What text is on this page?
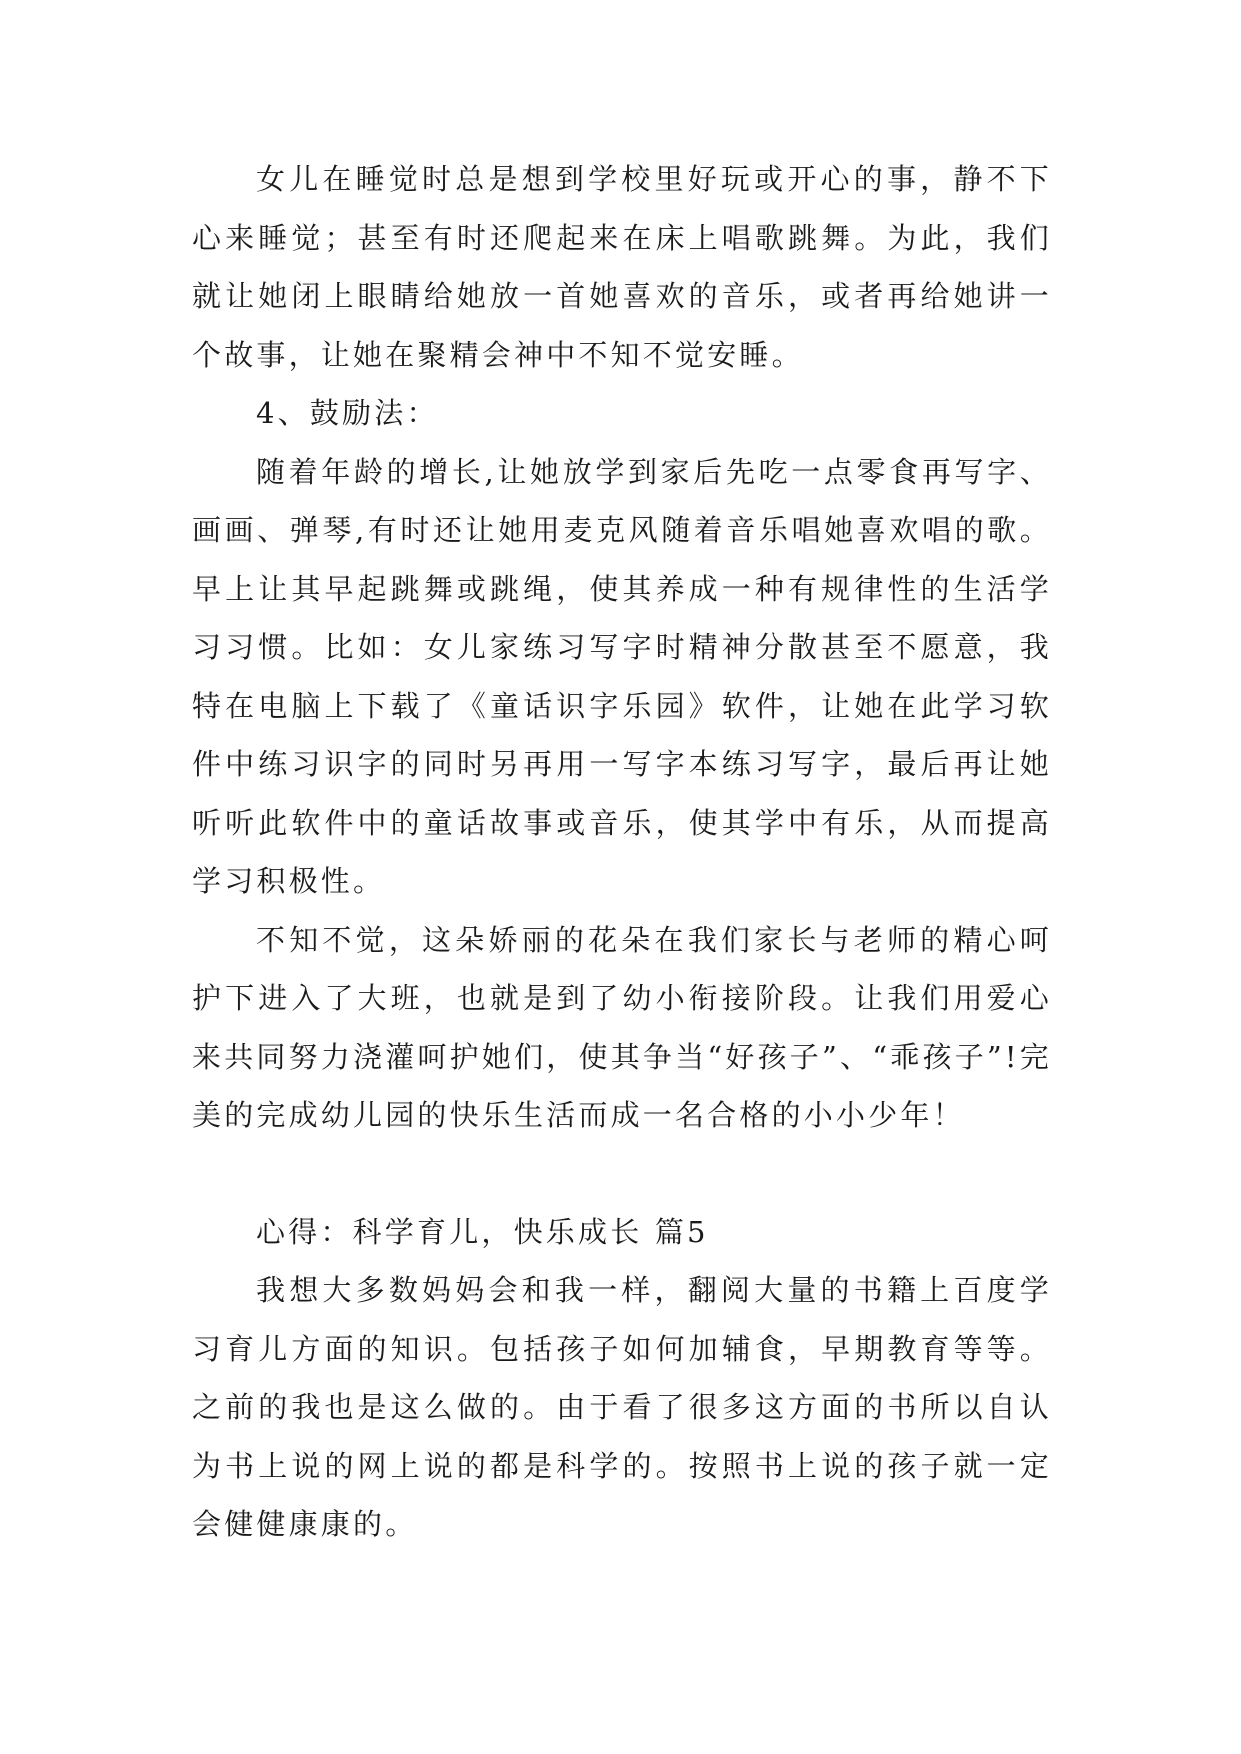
女儿在睡觉时总是想到学校里好玩或开心的事，静不下心来睡觉；甚至有时还爬起来在床上唱歌跳舞。为此，我们就让她闭上眼睛给她放一首她喜欢的音乐，或者再给她讲一个故事，让她在聚精会神中不知不觉安睡。

4、鼓励法：

随着年龄的增长,让她放学到家后先吃一点零食再写字、画画、弹琴,有时还让她用麦克风随着音乐唱她喜欢唱的歌。早上让其早起跳舞或跳绳，使其养成一种有规律性的生活学习习惯。比如：女儿家练习写字时精神分散甚至不愿意，我特在电脑上下载了《童话识字乐园》软件，让她在此学习软件中练习识字的同时另再用一写字本练习写字，最后再让她听听此软件中的童话故事或音乐，使其学中有乐，从而提高学习积极性。

不知不觉，这朵娇丽的花朵在我们家长与老师的精心呵护下进入了大班，也就是到了幼小衔接阶段。让我们用爱心来共同努力浇灌呵护她们，使其争当“好孩子”、“乖孩子”!完美的完成幼儿园的快乐生活而成一名合格的小小少年！

心得：科学育儿，快乐成长 篇5

我想大多数妈妈会和我一样，翻阅大量的书籍上百度学习育儿方面的知识。包括孩子如何加辅食，早期教育等等。之前的我也是这么做的。由于看了很多这方面的书所以自认为书上说的网上说的都是科学的。按照书上说的孩子就一定会健健康康的。
